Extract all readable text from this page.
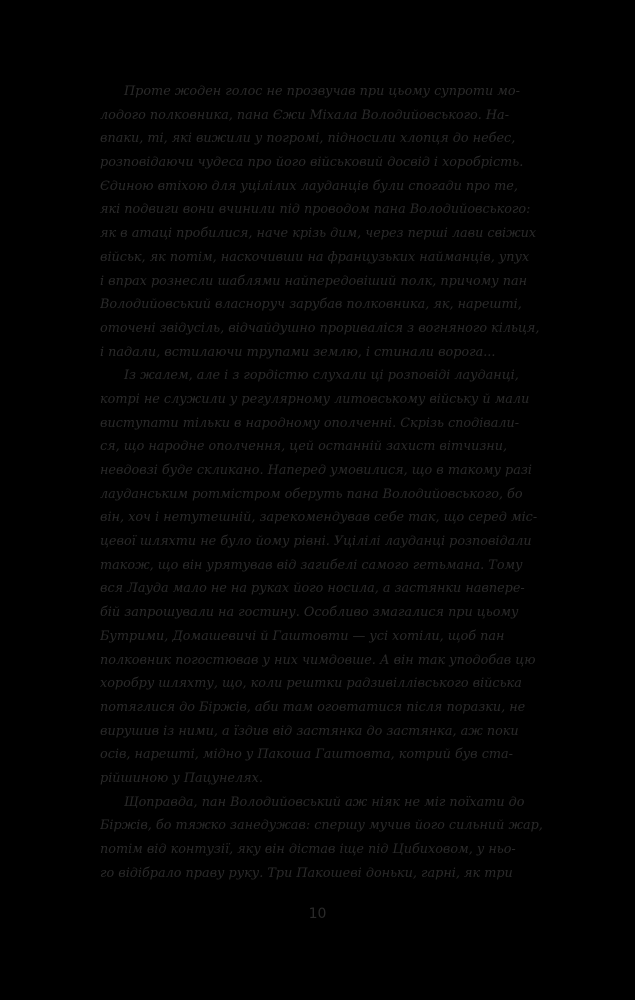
Проте жоден голос не прозвучав при цьому супроти мо-
лодого полковника, пана Єжи Міхала Володийовського. На-
впаки, ті, які вижили у погромі, підносили хлопця до небес,
розповідаючи чудеса про його військовий досвід і хоробрість.
Єдиною втіхою для уцілілих лауданців були спогади про те,
які подвиги вони вчинили під проводом пана Володийовського:
як в атаці пробилися, наче крізь дим, через перші лави свіжих
військ, як потім, наскочивши на французьких найманців, упух
і впрах рознесли шаблями найпередовіший полк, причому пан
Володийовський власноруч зарубав полковника, як, нарешті,
оточені звідусіль, відчайдушно прориваліся з вогняного кільця,
і падали, встилаючи трупами землю, і стинали ворога...
Із жалем, але і з гордістю слухали ці розповіді лауданці,
котрі не служили у регулярному литовському війську й мали
виступати тільки в народному ополченні. Скрізь сподівали-
ся, що народне ополчення, цей останній захист вітчизни,
невдовзі буде скликано. Наперед умовилися, що в такому разі
лауданським ротмістром оберуть пана Володийовського, бо
він, хоч і нетутешній, зарекомендував себе так, що серед міс-
цевої шляхти не було йому рівні. Уцілілі лауданці розповідали
також, що він урятував від загибелі самого гетьмана. Тому
вся Лауда мало не на руках його носила, а застянки навпере-
бій запрошували на гостину. Особливо змагалися при цьому
Бутрими, Домашевичі й Гаштовти — усі хотіли, щоб пан
полковник погостював у них чимдовше. А він так уподобав цю
хоробру шляхту, що, коли рештки радзивіллівського війська
потяглися до Біржів, аби там оговтатися після поразки, не
вирушив із ними, а їздив від застянка до застянка, аж поки
осів, нарешті, мідно у Пакоша Гаштовта, котрий був ста-
рійшиною у Пацунелях.
Щоправда, пан Володийовський аж ніяк не міг поїхати до
Біржів, бо тяжко занедужав: спершу мучив його сильний жар,
потім від контузії, яку він дістав іще під Цибиховом, у ньо-
го відібрало праву руку. Три Пакошеві доньки, гарні, як три
10
